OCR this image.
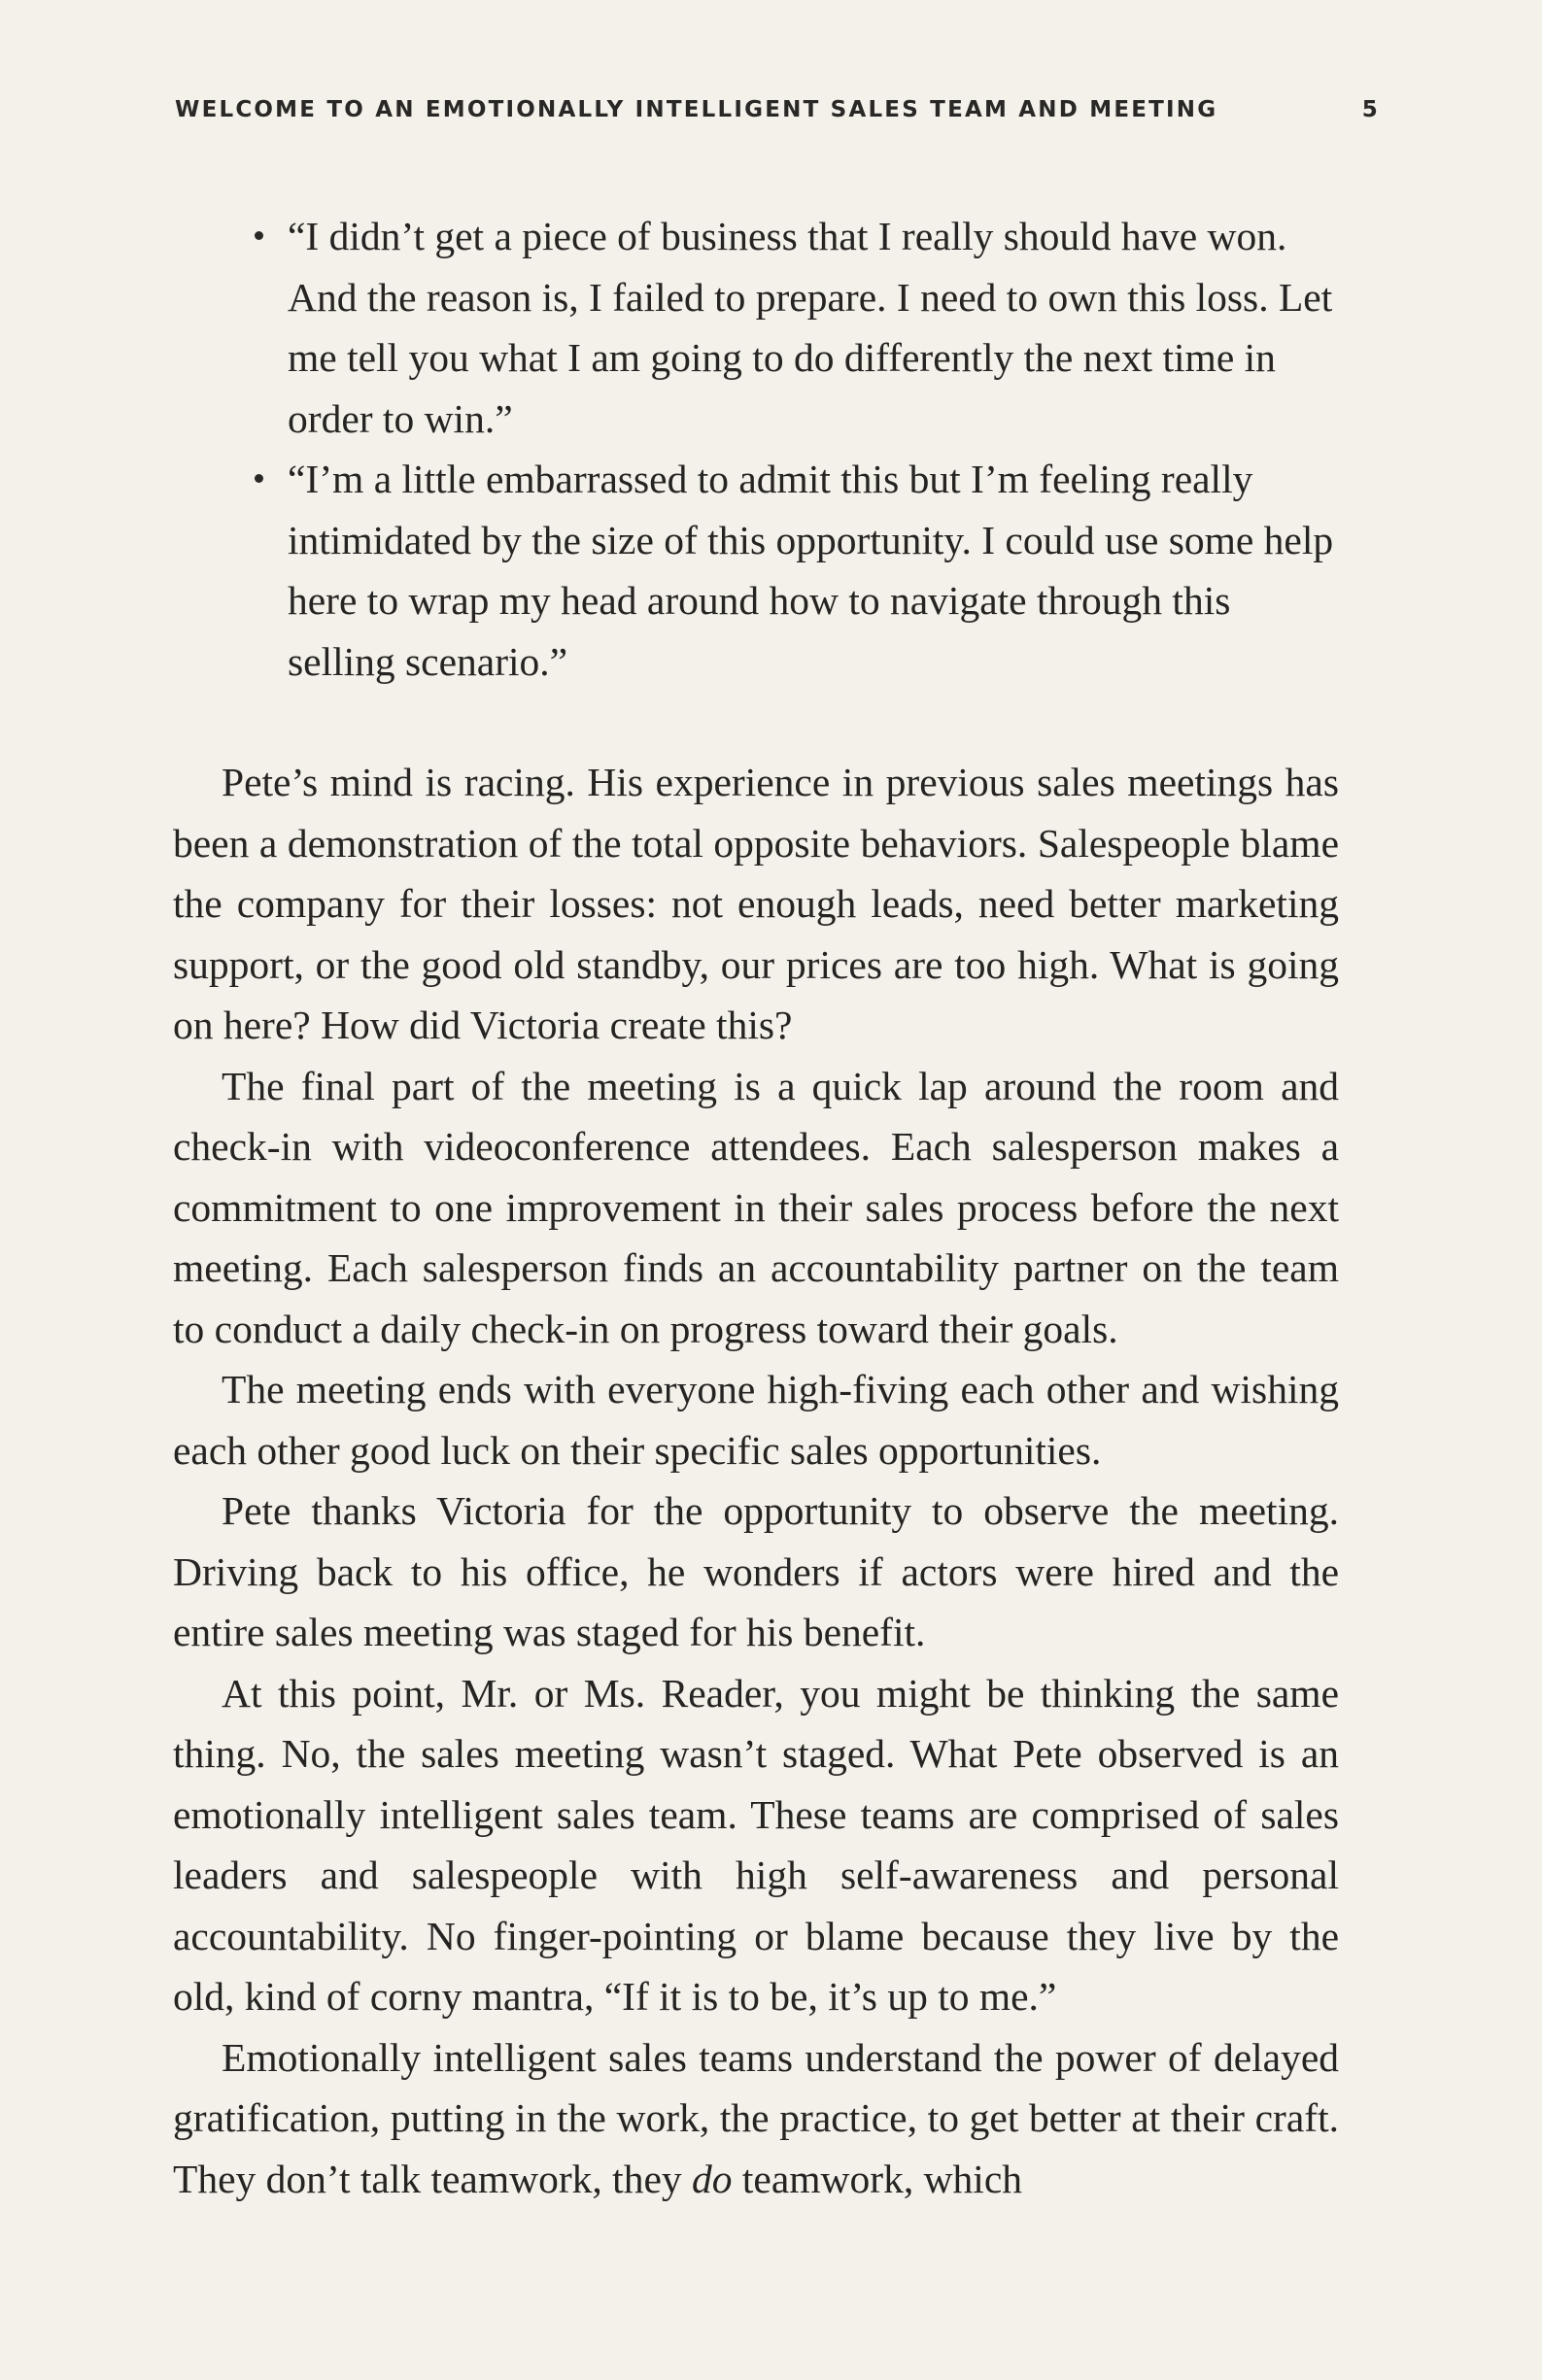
WELCOME TO AN EMOTIONALLY INTELLIGENT SALES TEAM AND MEETING	5
“I didn’t get a piece of business that I really should have won. And the reason is, I failed to prepare. I need to own this loss. Let me tell you what I am going to do differently the next time in order to win.”
“I’m a little embarrassed to admit this but I’m feeling really intimidated by the size of this opportunity. I could use some help here to wrap my head around how to navigate through this selling scenario.”

Pete’s mind is racing. His experience in previous sales meetings has been a demonstration of the total opposite behaviors. Salespeople blame the company for their losses: not enough leads, need better marketing support, or the good old standby, our prices are too high. What is going on here? How did Victoria create this?

The final part of the meeting is a quick lap around the room and check-in with videoconference attendees. Each salesperson makes a commitment to one improvement in their sales process before the next meeting. Each salesperson finds an accountability partner on the team to conduct a daily check-in on progress toward their goals.

The meeting ends with everyone high-fiving each other and wishing each other good luck on their specific sales opportunities.

Pete thanks Victoria for the opportunity to observe the meeting. Driving back to his office, he wonders if actors were hired and the entire sales meeting was staged for his benefit.

At this point, Mr. or Ms. Reader, you might be thinking the same thing. No, the sales meeting wasn’t staged. What Pete observed is an emotionally intelligent sales team. These teams are comprised of sales leaders and salespeople with high self-awareness and personal accountability. No finger-pointing or blame because they live by the old, kind of corny mantra, “If it is to be, it’s up to me.”

Emotionally intelligent sales teams understand the power of delayed gratification, putting in the work, the practice, to get better at their craft. They don’t talk teamwork, they do teamwork, which
